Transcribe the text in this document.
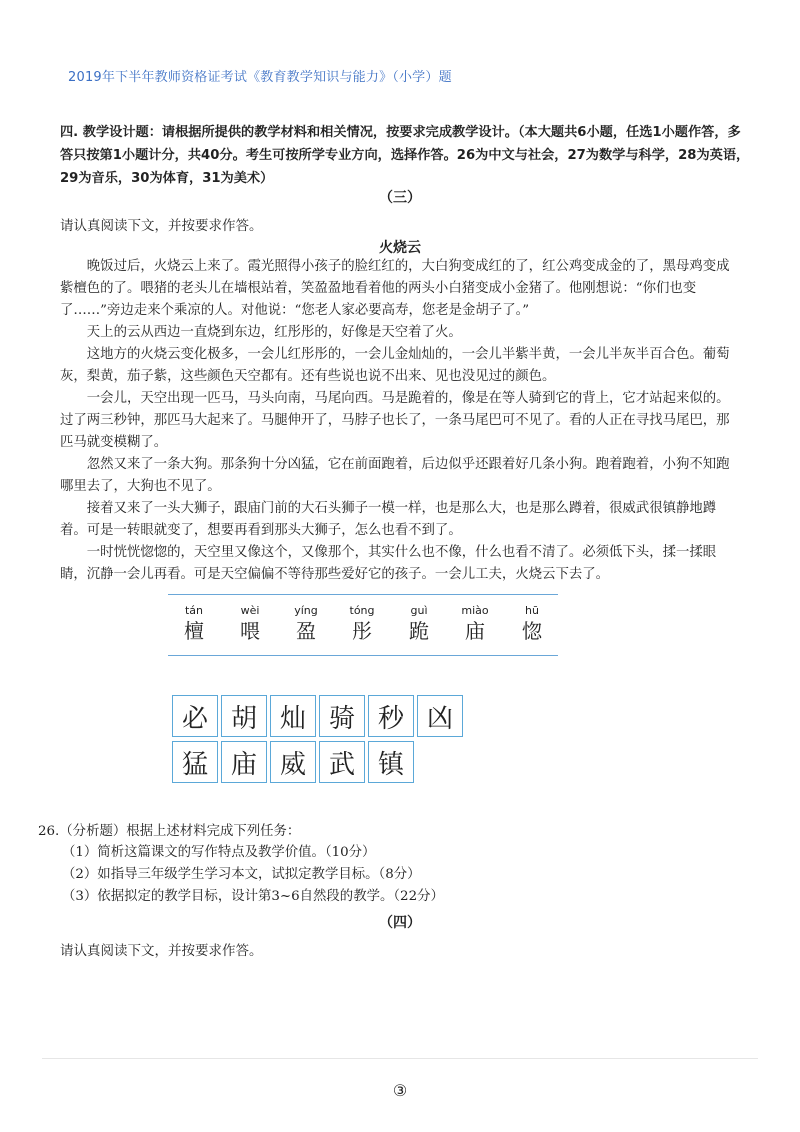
2019年下半年教师资格证考试《教育教学知识与能力》（小学）题
四. 教学设计题：请根据所提供的教学材料和相关情况，按要求完成教学设计。（本大题共6小题，任选1小题作答，多答只按第1小题计分，共40分。考生可按所学专业方向，选择作答。26为中文与社会，27为数学与科学，28为英语，29为音乐，30为体育，31为美术）
（三）
请认真阅读下文，并按要求作答。
火烧云

晚饭过后，火烧云上来了。霞光照得小孩子的脸红红的，大白狗变成红的了，红公鸡变成金的了，黑母鸡变成紫檀色的了。喂猪的老头儿在墙根站着，笑盈盈地看着他的两头小白猪变成小金猪了。他刚想说：“你们也变了……”旁边走来个乘凉的人。对他说：“您老人家必要高寿，您老是金胡子了。”

天上的云从西边一直烧到东边，红彤彤的，好像是天空着了火。

这地方的火烧云变化极多，一会儿红彤彤的，一会儿金灿灿的，一会儿半紫半黄，一会儿半灰半百合色。葡萄灰，梨黄，茄子紫，这些颜色天空都有。还有些说也说不出来、见也没见过的颜色。

一会儿，天空出现一匹马，马头向南，马尾向西。马是跪着的，像是在等人骑到它的背上，它才站起来似的。过了两三秒钟，那匹马大起来了。马腿伸开了，马脖子也长了，一条马尾巴可不见了。看的人正在寻找马尾巴，那匹马就变模糊了。

忽然又来了一条大狗。那条狗十分凶猛，它在前面跑着，后边似乎还跟着好几条小狗。跑着跑着，小狗不知跑哪里去了，大狗也不见了。

接着又来了一头大狮子，跟庙门前的大石头狮子一模一样，也是那么大，也是那么蹲着，很威武很镇静地蹲着。可是一转眼就变了，想要再看到那头大狮子，怎么也看不到了。

一时恍恍惚惚的，天空里又像这个，又像那个，其实什么也不像，什么也看不清了。必须低下头，揉一揉眼睛，沉静一会儿再看。可是天空偏偏不等待那些爱好它的孩子。一会儿工夫，火烧云下去了。

tán
檀
wèi
喂
yíng
盈
tóng
彤
guì
跪
miào
庙
hū
惚
必 胡 灿 骑 秒 凶
猛 庙 威 武 镇
26.（分析题）根据上述材料完成下列任务：
（1）简析这篇课文的写作特点及教学价值。（10分）
（2）如指导三年级学生学习本文，试拟定教学目标。（8分）
（3）依据拟定的教学目标，设计第3~6自然段的教学。（22分）
（四）
请认真阅读下文，并按要求作答。
③
